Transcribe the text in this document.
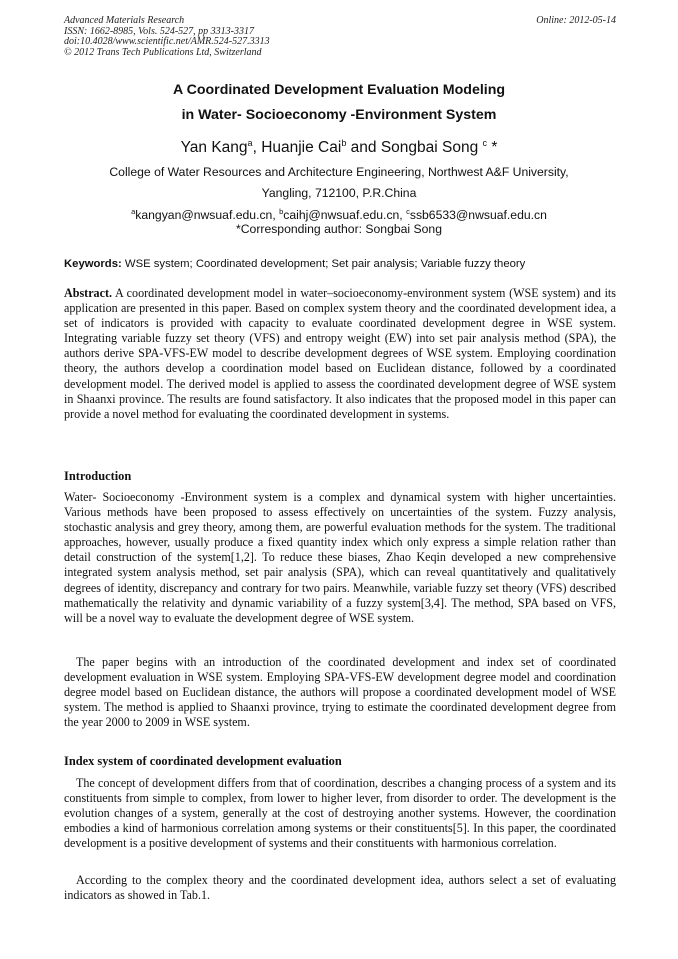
Advanced Materials Research
ISSN: 1662-8985, Vols. 524-527, pp 3313-3317
doi:10.4028/www.scientific.net/AMR.524-527.3313
© 2012 Trans Tech Publications Ltd, Switzerland
Online: 2012-05-14
A Coordinated Development Evaluation Modeling
in Water- Socioeconomy -Environment System
Yan Kang$^a$, Huanjie Cai$^b$ and Songbai Song $^c$ *
College of Water Resources and Architecture Engineering, Northwest A&F University,
Yangling, 712100, P.R.China
$^a$kangyan@nwsuaf.edu.cn, $^b$caihj@nwsuaf.edu.cn, $^c$ssb6533@nwsuaf.edu.cn
*Corresponding author: Songbai Song
Keywords: WSE system; Coordinated development; Set pair analysis; Variable fuzzy theory
Abstract. A coordinated development model in water–socioeconomy-environment system (WSE system) and its application are presented in this paper. Based on complex system theory and the coordinated development idea, a set of indicators is provided with capacity to evaluate coordinated development degree in WSE system. Integrating variable fuzzy set theory (VFS) and entropy weight (EW) into set pair analysis method (SPA), the authors derive SPA-VFS-EW model to describe development degrees of WSE system. Employing coordination theory, the authors develop a coordination model based on Euclidean distance, followed by a coordinated development model. The derived model is applied to assess the coordinated development degree of WSE system in Shaanxi province. The results are found satisfactory. It also indicates that the proposed model in this paper can provide a novel method for evaluating the coordinated development in systems.
Introduction
Water- Socioeconomy -Environment system is a complex and dynamical system with higher uncertainties. Various methods have been proposed to assess effectively on uncertainties of the system. Fuzzy analysis, stochastic analysis and grey theory, among them, are powerful evaluation methods for the system. The traditional approaches, however, usually produce a fixed quantity index which only express a simple relation rather than detail construction of the system[1,2]. To reduce these biases, Zhao Keqin developed a new comprehensive integrated system analysis method, set pair analysis (SPA), which can reveal quantitatively and qualitatively degrees of identity, discrepancy and contrary for two pairs. Meanwhile, variable fuzzy set theory (VFS) described mathematically the relativity and dynamic variability of a fuzzy system[3,4]. The method, SPA based on VFS, will be a novel way to evaluate the development degree of WSE system.
The paper begins with an introduction of the coordinated development and index set of coordinated development evaluation in WSE system. Employing SPA-VFS-EW development degree model and coordination degree model based on Euclidean distance, the authors will propose a coordinated development model of WSE system. The method is applied to Shaanxi province, trying to estimate the coordinated development degree from the year 2000 to 2009 in WSE system.
Index system of coordinated development evaluation
The concept of development differs from that of coordination, describes a changing process of a system and its constituents from simple to complex, from lower to higher lever, from disorder to order. The development is the evolution changes of a system, generally at the cost of destroying another systems. However, the coordination embodies a kind of harmonious correlation among systems or their constituents[5]. In this paper, the coordinated development is a positive development of systems and their constituents with harmonious correlation.
According to the complex theory and the coordinated development idea, authors select a set of evaluating indicators as showed in Tab.1.
